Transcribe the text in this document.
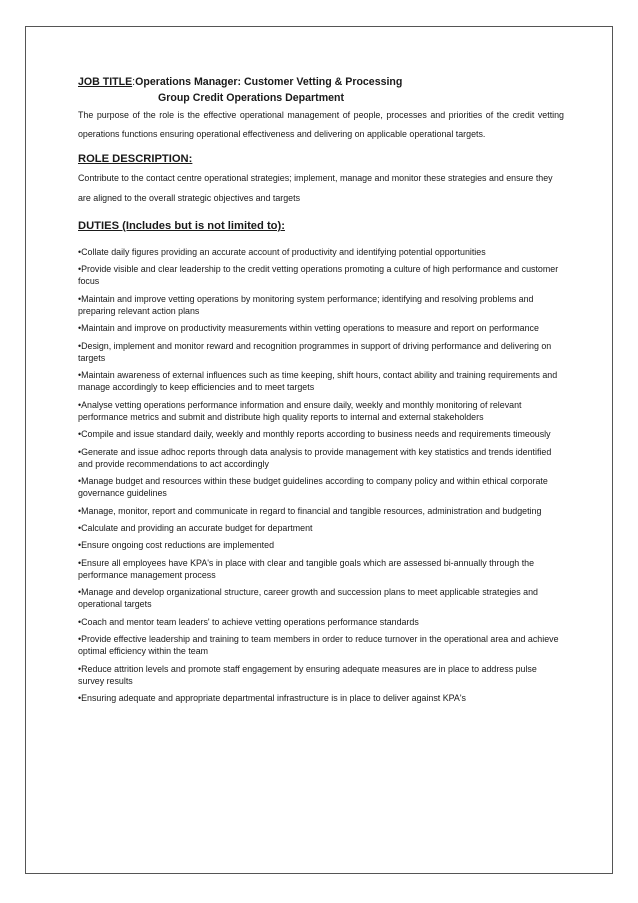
JOB TITLE:Operations Manager: Customer Vetting & Processing
Group Credit Operations Department
The purpose of the role is the effective operational management of people, processes and priorities of the credit vetting operations functions ensuring operational effectiveness and delivering on applicable operational targets.
ROLE DESCRIPTION:
Contribute to the contact centre operational strategies; implement, manage and monitor these strategies and ensure they are aligned to the overall strategic objectives and targets
DUTIES (Includes but is not limited to):
•Collate daily figures providing an accurate account of productivity and identifying potential opportunities
•Provide visible and clear leadership to the credit vetting operations promoting a culture of high performance and customer focus
•Maintain and improve vetting operations by monitoring system performance; identifying and resolving problems and preparing relevant action plans
•Maintain and improve on productivity measurements within vetting operations to measure and report on performance
•Design, implement and monitor reward and recognition programmes in support of driving performance and delivering on targets
•Maintain awareness of external influences such as time keeping, shift hours, contact ability and training requirements and manage accordingly to keep efficiencies and to meet targets
•Analyse vetting operations performance information and ensure daily, weekly and monthly monitoring of relevant performance metrics and submit and distribute high quality reports to internal and external stakeholders
•Compile and issue standard daily, weekly and monthly reports according to business needs and requirements timeously
•Generate and issue adhoc reports through data analysis to provide management with key statistics and trends identified and provide recommendations to act accordingly
•Manage budget and resources within these budget guidelines according to company policy and within ethical corporate governance guidelines
•Manage, monitor, report and communicate in regard to financial and tangible resources, administration and budgeting
•Calculate and providing an accurate budget for department
•Ensure ongoing cost reductions are implemented
•Ensure all employees have KPA's in place with clear and tangible goals which are assessed bi-annually through the performance management process
•Manage and develop organizational structure, career growth and succession plans to meet applicable strategies and operational targets
•Coach and mentor team leaders' to achieve vetting operations performance standards
•Provide effective leadership and training to team members in order to reduce turnover in the operational area and achieve optimal efficiency within the team
•Reduce attrition levels and promote staff engagement by ensuring adequate measures are in place to address pulse survey results
•Ensuring adequate and appropriate departmental infrastructure is in place to deliver against KPA's
